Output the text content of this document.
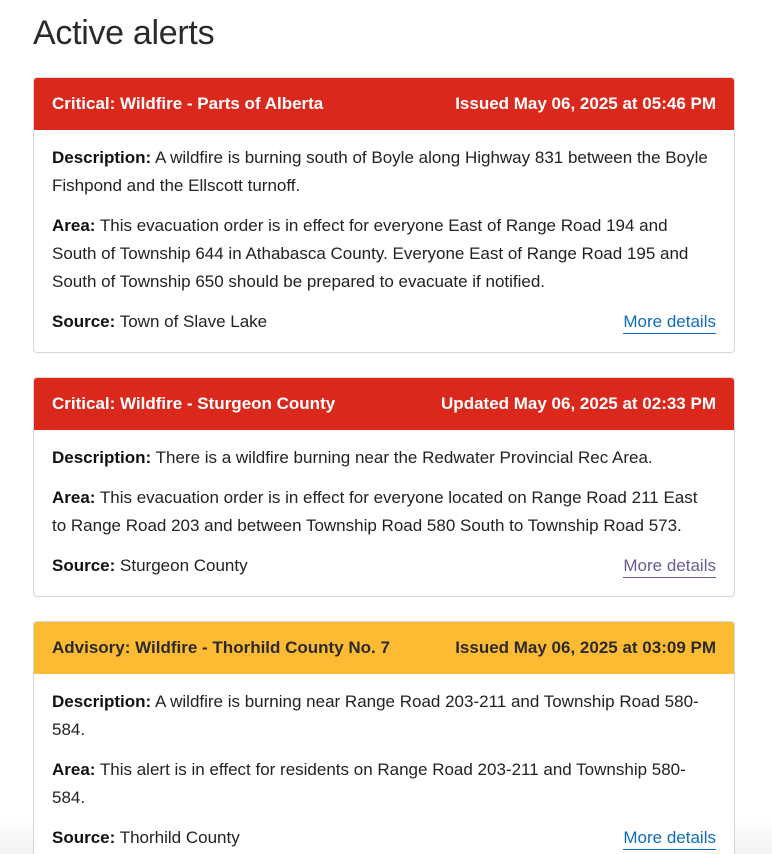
Active alerts
Critical: Wildfire - Parts of Alberta	Issued May 06, 2025 at 05:46 PM

Description: A wildfire is burning south of Boyle along Highway 831 between the Boyle Fishpond and the Ellscott turnoff.

Area: This evacuation order is in effect for everyone East of Range Road 194 and South of Township 644 in Athabasca County. Everyone East of Range Road 195 and South of Township 650 should be prepared to evacuate if notified.

Source: Town of Slave Lake	More details
Critical: Wildfire - Sturgeon County	Updated May 06, 2025 at 02:33 PM

Description: There is a wildfire burning near the Redwater Provincial Rec Area.

Area: This evacuation order is in effect for everyone located on Range Road 211 East to Range Road 203 and between Township Road 580 South to Township Road 573.

Source: Sturgeon County	More details
Advisory: Wildfire - Thorhild County No. 7	Issued May 06, 2025 at 03:09 PM

Description: A wildfire is burning near Range Road 203-211 and Township Road 580-584.

Area: This alert is in effect for residents on Range Road 203-211 and Township 580-584.

Source: Thorhild County	More details
